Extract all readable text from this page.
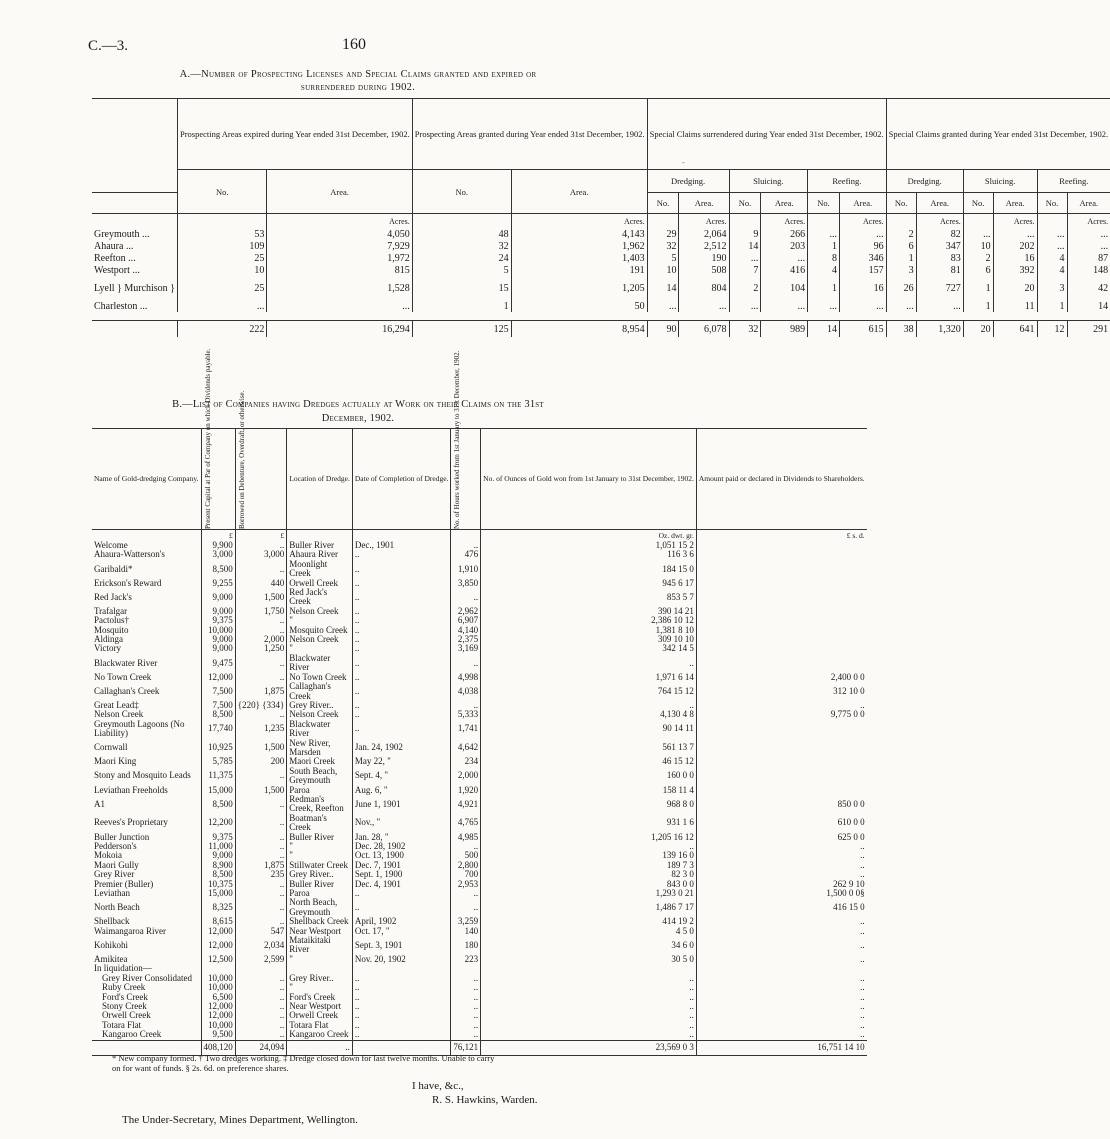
C.—3.	160
A.—Number of Prospecting Licenses and Special Claims granted and expired or
surrendered during 1902.
	Prospecting Areas expired during Year ended 31st December, 1902.		Prospecting Areas granted during Year ended 31st December, 1902.		Special Claims surrendered during Year ended 31st December, 1902.						Special Claims granted during Year ended 31st December, 1902.					
	No.	Area.	No.	Area.	Dredging.		Sluicing.		Reefing.		Dredging.		Sluicing.		Reefing.	
					No.	Area.	No.	Area.	No.	Area.	No.	Area.	No.	Area.	No.	Area.
		Acres.		Acres.		Acres.		Acres.		Acres.		Acres.		Acres.		Acres.
Greymouth ...	53	4,050	48	4,143	29	2,064	9	266	...	...	2	82	...	...	...	...
Ahaura ...	109	7,929	32	1,962	32	2,512	14	203	1	96	6	347	10	202	...	...
Reefton ...	25	1,972	24	1,403	5	190	...	...	8	346	1	83	2	16	4	87
Westport ...	10	815	5	191	10	508	7	416	4	157	3	81	6	392	4	148
Lyell } Murchison }	25	1,528	15	1,205	14	804	2	104	1	16	26	727	1	20	3	42
Charleston ...	...	...	1	50	...	...	...	...	...	...	...	...	1	11	1	14

	222	16,294	125	8,954	90	6,078	32	989	14	615	38	1,320	20	641	12	291
B.—List of Companies having Dredges actually at Work on their Claims on the 31st
December, 1902.
Name of Gold-dredging Company.	Present Capital at Par of Company on which Dividends payable.	Borrowed on Debenture, Overdraft, or otherwise.	Location of Dredge.	Date of Completion of Dredge.	No. of Hours worked from 1st January to 31st December, 1902.	No. of Ounces of Gold won from 1st January to 31st December, 1902.	Amount paid or declared in Dividends to Shareholders.
	£	£				Oz. dwt. gr.	£ s. d.
Welcome	9,900	..	Buller River	Dec., 1901	..	1,051 15 2	
Ahaura-Watterson's	3,000	3,000	Ahaura River	..	476	116 3 6	
Garibaldi*	8,500	..	Moonlight Creek	..	1,910	184 15 0	
Erickson's Reward	9,255	440	Orwell Creek	..	3,850	945 6 17	
Red Jack's	9,000	1,500	Red Jack's Creek	..	..	853 5 7	
Trafalgar	9,000	1,750	Nelson Creek	..	2,962	390 14 21	
Pactolus†	9,375	..	"	..	6,907	2,386 10 12	
Mosquito	10,000	..	Mosquito Creek	..	4,140	1,381 8 10	
Aldinga	9,000	2,000	Nelson Creek	..	2,375	309 10 10	
Victory	9,000	1,250	"	..	3,169	342 14 5	
Blackwater River	9,475	..	Blackwater River	..	..	..	
No Town Creek	12,000	..	No Town Creek	..	4,998	1,971 6 14	2,400 0 0
Callaghan's Creek	7,500	1,875	Callaghan's Creek	..	4,038	764 15 12	312 10 0
Great Lead‡	7,500	{220} {334}	Grey River..	..	..	..	..
Nelson Creek	8,500	..	Nelson Creek	..	5,333	4,130 4 8	9,775 0 0
Greymouth Lagoons (No Liability)	17,740	1,235	Blackwater River	..	1,741	90 14 11	
Cornwall	10,925	1,500	New River, Marsden	Jan. 24, 1902	4,642	561 13 7	
Maori King	5,785	200	Maori Creek	May 22, "	234	46 15 12	
Stony and Mosquito Leads	11,375	..	South Beach, Greymouth	Sept. 4, "	2,000	160 0 0	
Leviathan Freeholds	15,000	1,500	Paroa	Aug. 6, "	1,920	158 11 4	
A1	8,500	..	Redman's Creek, Reefton	June 1, 1901	4,921	968 8 0	850 0 0
Reeves's Proprietary	12,200	..	Boatman's Creek	Nov., "	4,765	931 1 6	610 0 0
Buller Junction	9,375	..	Buller River	Jan. 28, "	4,985	1,205 16 12	625 0 0
Pedderson's	11,000	..	"	Dec. 28, 1902	..	..	..
Mokoia	9,000	..	"	Oct. 13, 1900	500	139 16 0	..
Maori Gully	8,900	1,875	Stillwater Creek	Dec. 7, 1901	2,800	189 7 3	..
Grey River	8,500	235	Grey River..	Sept. 1, 1900	700	82 3 0	..
Premier (Buller)	10,375	..	Buller River	Dec. 4, 1901	2,953	843 0 0	262 9 10
Leviathan	15,000	..	Paroa	..	..	1,293 0 21	1,500 0 0§
North Beach	8,325	..	North Beach, Greymouth	..	..	1,486 7 17	416 15 0
Shellback	8,615	..	Shellback Creek	April, 1902	3,259	414 19 2	..
Waimangaroa River	12,000	547	Near Westport	Oct. 17, "	140	4 5 0	..
Kohikohi	12,000	2,034	Mataikitaki River	Sept. 3, 1901	180	34 6 0	..
Amikitea	12,500	2,599	"	Nov. 20, 1902	223	30 5 0	..
In liquidation—							
Grey River Consolidated	10,000	..	Grey River..	..	..	..	..
Ruby Creek	10,000	..	"	..	..	..	..
Ford's Creek	6,500	..	Ford's Creek	..	..	..	..
Stony Creek	12,000	..	Near Westport	..	..	..	..
Orwell Creek	12,000	..	Orwell Creek	..	..	..	..
Totara Flat	10,000	..	Totara Flat	..	..	..	..
Kangaroo Creek	9,500	..	Kangaroo Creek	..	..	..	..
	408,120	24,094	..		76,121	23,569 0 3	16,751 14 10
* New company formed. † Two dredges working. ‡ Dredge closed down for last twelve months. Unable to carry
on for want of funds. § 2s. 6d. on preference shares.
I have, &c.,
R. S. Hawkins, Warden.
The Under-Secretary, Mines Department, Wellington.
-
